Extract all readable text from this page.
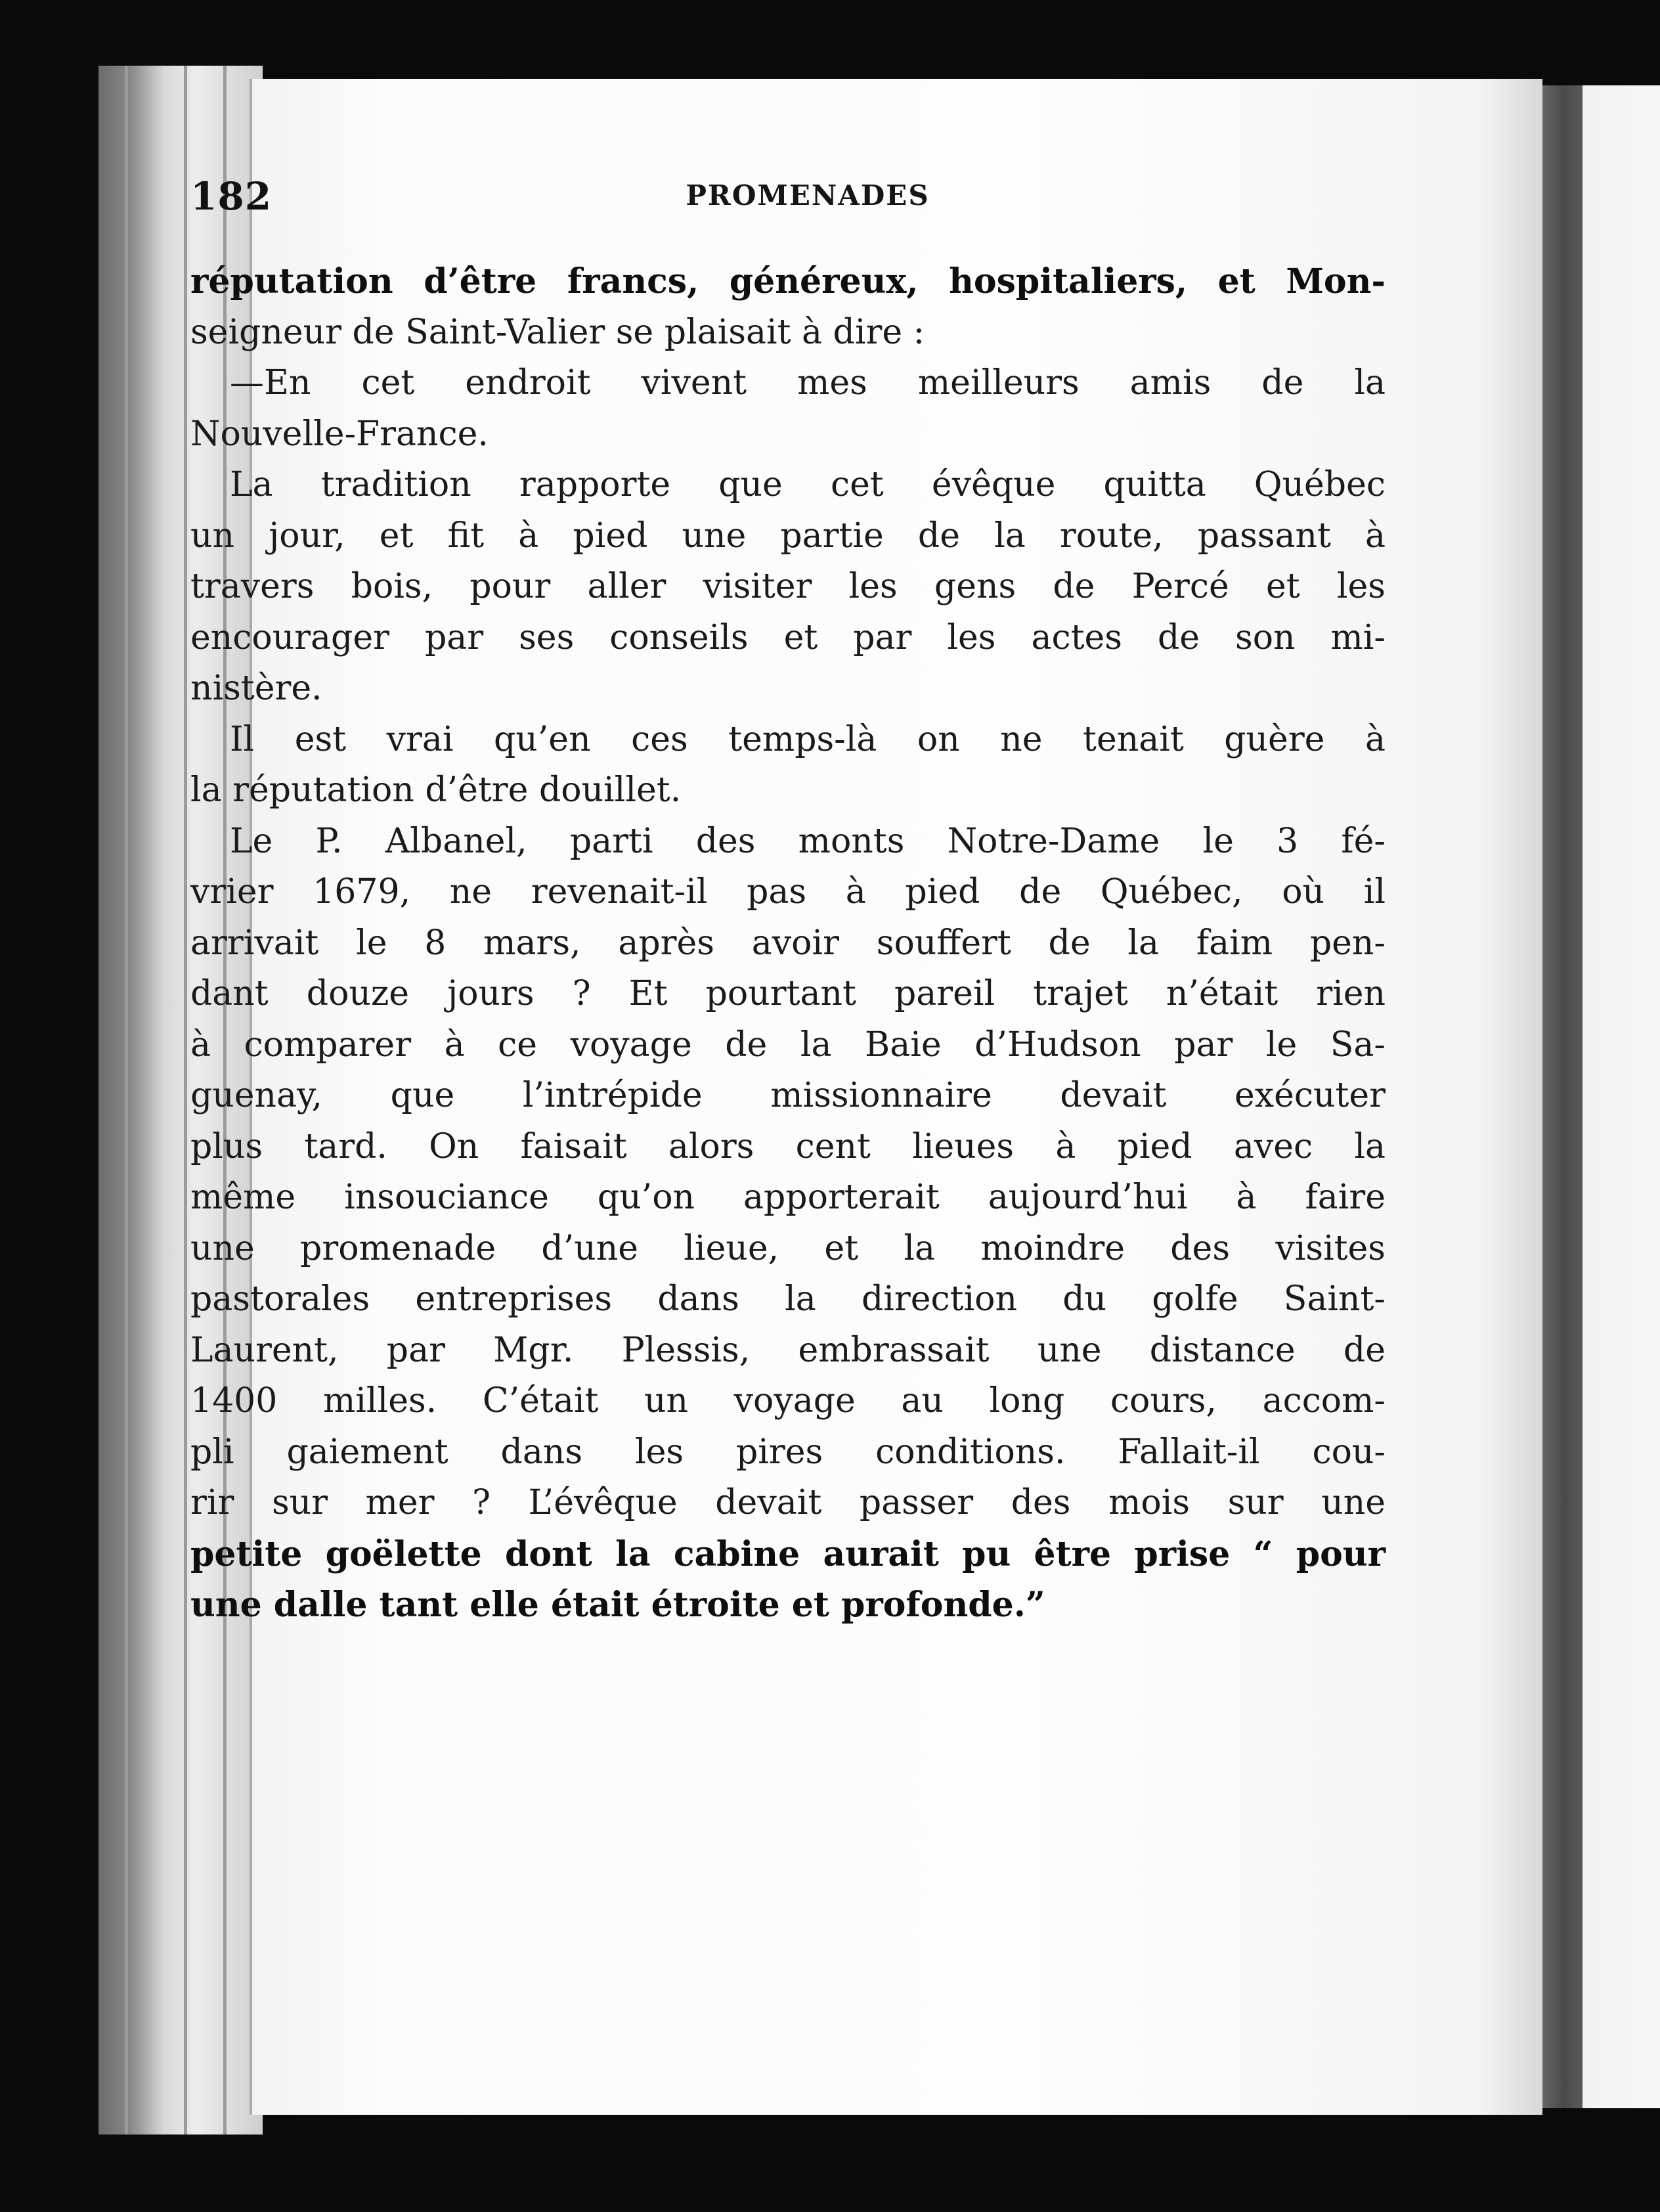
182	PROMENADES
réputation d’être francs, généreux, hospitaliers, et Mon-
seigneur de Saint-Valier se plaisait à dire :
—En cet endroit vivent mes meilleurs amis de la
Nouvelle-France.
La tradition rapporte que cet évêque quitta Québec
un jour, et fit à pied une partie de la route, passant à
travers bois, pour aller visiter les gens de Percé et les
encourager par ses conseils et par les actes de son mi-
nistère.
Il est vrai qu’en ces temps-là on ne tenait guère à
la réputation d’être douillet.
Le P. Albanel, parti des monts Notre-Dame le 3 fé-
vrier 1679, ne revenait-il pas à pied de Québec, où il
arrivait le 8 mars, après avoir souffert de la faim pen-
dant douze jours ? Et pourtant pareil trajet n’était rien
à comparer à ce voyage de la Baie d’Hudson par le Sa-
guenay, que l’intrépide missionnaire devait exécuter
plus tard. On faisait alors cent lieues à pied avec la
même insouciance qu’on apporterait aujourd’hui à faire
une promenade d’une lieue, et la moindre des visites
pastorales entreprises dans la direction du golfe Saint-
Laurent, par Mgr. Plessis, embrassait une distance de
1400 milles. C’était un voyage au long cours, accom-
pli gaiement dans les pires conditions. Fallait-il cou-
rir sur mer ? L’évêque devait passer des mois sur une
petite goëlette dont la cabine aurait pu être prise “ pour
une dalle tant elle était étroite et profonde.”
